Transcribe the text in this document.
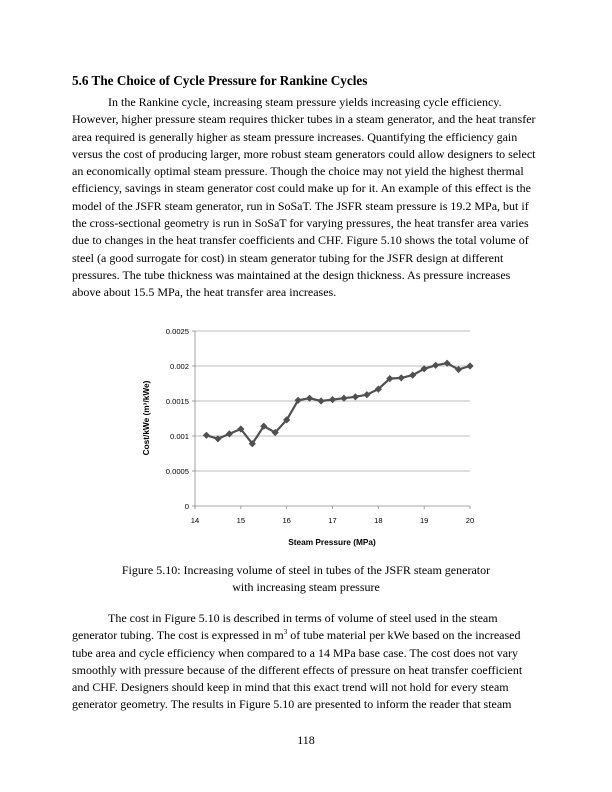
5.6 The Choice of Cycle Pressure for Rankine Cycles

In the Rankine cycle, increasing steam pressure yields increasing cycle efficiency.

However, higher pressure steam requires thicker tubes in a steam generator, and the heat transfer

area required is generally higher as steam pressure increases. Quantifying the efficiency gain

versus the cost of producing larger, more robust steam generators could allow designers to select

an economically optimal steam pressure. Though the choice may not yield the highest thermal

efficiency, savings in steam generator cost could make up for it. An example of this effect is the

model of the JSFR steam generator, run in SoSaT. The JSFR steam pressure is 19.2 MPa, but if

the cross-sectional geometry is run in SoSaT for varying pressures, the heat transfer area varies

due to changes in the heat transfer coefficients and CHF. Figure 5.10 shows the total volume of

steel (a good surrogate for cost) in steam generator tubing for the JSFR design at different

pressures. The tube thickness was maintained at the design thickness. As pressure increases

above about 15.5 MPa, the heat transfer area increases.

0
0.0005
0.001
0.0015
0.002
0.0025
14	15	16	17	18	19	20
Steam Pressure (MPa)
Cost/kWe (m³/kWe)
Figure 5.10: Increasing volume of steel in tubes of the JSFR steam generator
with increasing steam pressure

The cost in Figure 5.10 is described in terms of volume of steel used in the steam

generator tubing. The cost is expressed in $m^3$ of tube material per kWe based on the increased

tube area and cycle efficiency when compared to a 14 MPa base case. The cost does not vary

smoothly with pressure because of the different effects of pressure on heat transfer coefficient

and CHF. Designers should keep in mind that this exact trend will not hold for every steam

generator geometry. The results in Figure 5.10 are presented to inform the reader that steam

118
